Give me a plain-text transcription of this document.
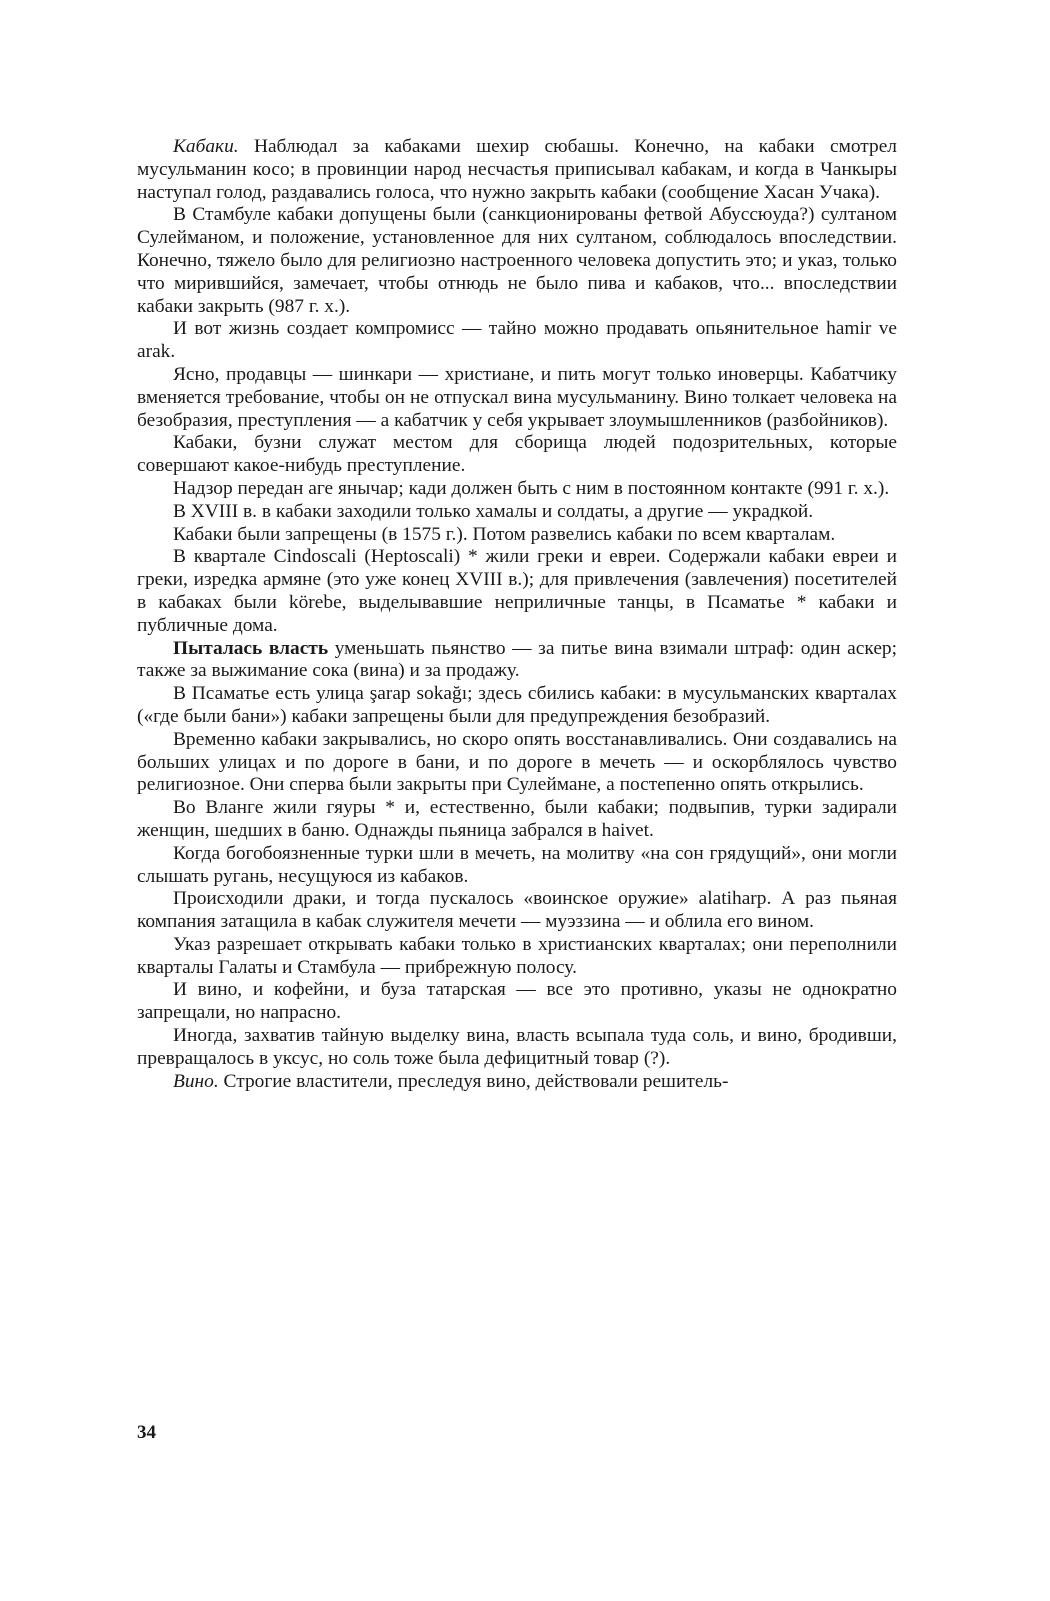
Кабаки. Наблюдал за кабаками шехир сюбашы. Конечно, на кабаки смотрел мусульманин косо; в провинции народ несчастья приписывал кабакам, и когда в Чанкыры наступал голод, раздавались голоса, что нужно закрыть кабаки (сообщение Хасан Учака).

В Стамбуле кабаки допущены были (санкционированы фетвой Абуссюуда?) султаном Сулейманом, и положение, установленное для них султаном, соблюдалось впоследствии. Конечно, тяжело было для религиозно настроенного человека допустить это; и указ, только что мирившийся, замечает, чтобы отнюдь не было пива и кабаков, что... впоследствии кабаки закрыть (987 г. х.).

И вот жизнь создает компромисс — тайно можно продавать опьянительное hamir ve arak.

Ясно, продавцы — шинкари — христиане, и пить могут только иноверцы. Кабатчику вменяется требование, чтобы он не отпускал вина мусульманину. Вино толкает человека на безобразия, преступления — а кабатчик у себя укрывает злоумышленников (разбойников).

Кабаки, бузни служат местом для сборища людей подозрительных, которые совершают какое-нибудь преступление.

Надзор передан аге янычар; кади должен быть с ним в постоянном контакте (991 г. х.).

В XVIII в. в кабаки заходили только хамалы и солдаты, а другие — украдкой.

Кабаки были запрещены (в 1575 г.). Потом развелись кабаки по всем кварталам.

В квартале Cindoscali (Heptoscali) * жили греки и евреи. Содержали кабаки евреи и греки, изредка армяне (это уже конец XVIII в.); для привлечения (завлечения) посетителей в кабаках были körebe, выделывавшие неприличные танцы, в Псаматье * кабаки и публичные дома.

Пыталась власть уменьшать пьянство — за питье вина взимали штраф: один аскер; также за выжимание сока (вина) и за продажу.

В Псаматье есть улица şarap sokağı; здесь сбились кабаки: в мусульманских кварталах («где были бани») кабаки запрещены были для предупреждения безобразий.

Временно кабаки закрывались, но скоро опять восстанавливались. Они создавались на больших улицах и по дороге в бани, и по дороге в мечеть — и оскорблялось чувство религиозное. Они сперва были закрыты при Сулеймане, а постепенно опять открылись.

Во Вланге жили гяуры * и, естественно, были кабаки; подвыпив, турки задирали женщин, шедших в баню. Однажды пьяница забрался в haivet.

Когда богобоязненные турки шли в мечеть, на молитву «на сон грядущий», они могли слышать ругань, несущуюся из кабаков.

Происходили драки, и тогда пускалось «воинское оружие» alatiharp. А раз пьяная компания затащила в кабак служителя мечети — муэззина — и облила его вином.

Указ разрешает открывать кабаки только в христианских кварталах; они переполнили кварталы Галаты и Стамбула — прибрежную полосу.

И вино, и кофейни, и буза татарская — все это противно, указы не однократно запрещали, но напрасно.

Иногда, захватив тайную выделку вина, власть всыпала туда соль, и вино, бродивши, превращалось в уксус, но соль тоже была дефицитный товар (?).

Вино. Строгие властители, преследуя вино, действовали решитель-

34
